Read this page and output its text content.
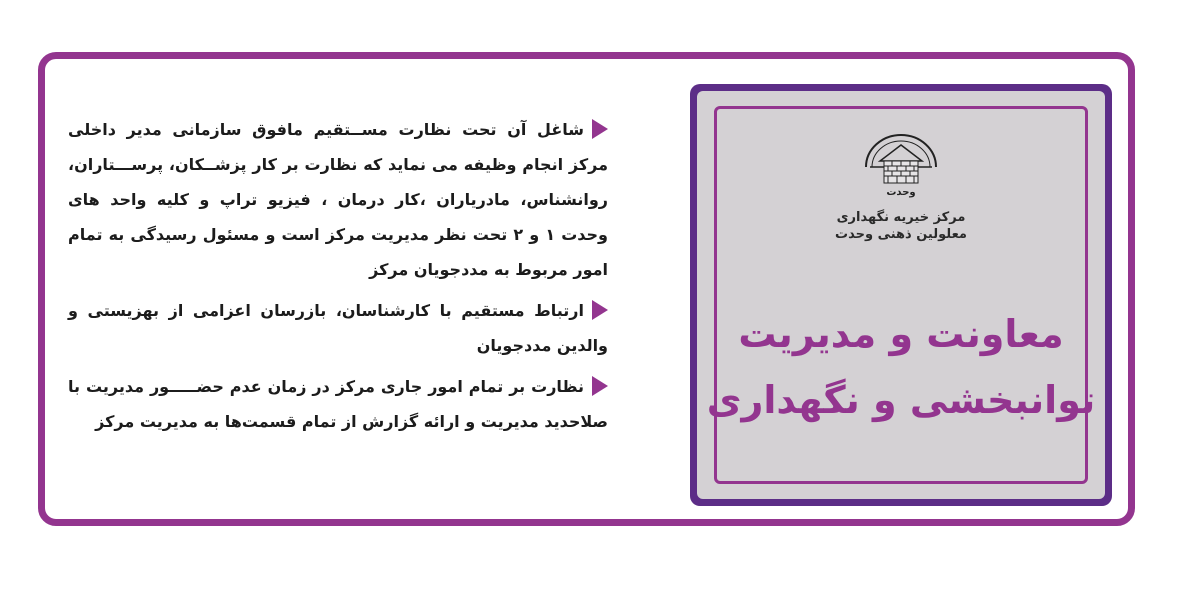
شاغل آن تحت نظارت مســتقیم مافوق سازمانی مدیر داخلی مرکز انجام وظیفه می نماید که نظارت بر کار پزشــکان، پرســـتاران، روانشناس، مادریاران ،کار درمان ، فیزیو تراپ و کلیه واحد های وحدت ۱ و ۲ تحت نظر مدیریت مرکز است و مسئول رسیدگی به تمام امور مربوط به مددجویان مرکز

ارتباط مستقیم با کارشناسان، بازرسان اعزامی از بهزیستی و والدین مددجویان

نظارت بر تمام امور جاری مرکز در زمان عدم حضـــــور مدیریت با صلاحدید مدیریت و ارائه گزارش از تمام قسمت‌ها به مدیریت مرکز

وحدت
مرکز خیریه نگهداری
معلولین ذهنی وحدت
معاونت و مدیریت
توانبخشی و نگهداری
